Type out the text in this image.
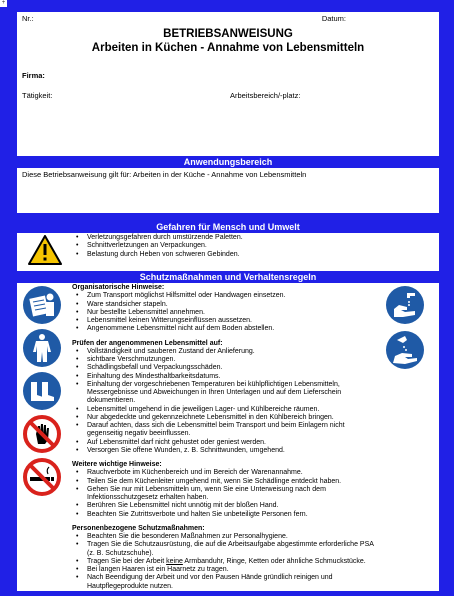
+
Nr.:	Datum:
BETRIEBSANWEISUNG
Arbeiten in Küchen - Annahme von Lebensmitteln
Firma:
Tätigkeit:	Arbeitsbereich/-platz:
Anwendungsbereich
Diese Betriebsanweisung gilt für: Arbeiten in der Küche - Annahme von Lebensmitteln
Gefahren für Mensch und Umwelt
• Verletzungsgefahren durch umstürzende Paletten.
• Schnittverletzungen an Verpackungen.
• Belastung durch Heben von schweren Gebinden.
Schutzmaßnahmen und Verhaltensregeln
Organisatorische Hinweise:
• Zum Transport möglichst Hilfsmittel oder Handwagen einsetzen.
• Ware standsicher stapeln.
• Nur bestellte Lebensmittel annehmen.
• Lebensmittel keinen Witterungseinflüssen aussetzen.
• Angenommene Lebensmittel nicht auf dem Boden abstellen.
Prüfen der angenommenen Lebensmittel auf:
• Vollständigkeit und sauberen Zustand der Anlieferung.
• sichtbare Verschmutzungen.
• Schädlingsbefall und Verpackungsschäden.
• Einhaltung des Mindesthaltbarkeitsdatums.
• Einhaltung der vorgeschriebenen Temperaturen bei kühlpflichtigen Lebensmitteln, Messergebnisse und Abweichungen in Ihren Unterlagen und auf dem Lieferschein dokumentieren.
• Lebensmittel umgehend in die jeweiligen Lager- und Kühlbereiche räumen.
• Nur abgedeckte und gekennzeichnete Lebensmittel in den Kühlbereich bringen.
• Darauf achten, dass sich die Lebensmittel beim Transport und beim Einlagern nicht gegenseitig negativ beeinflussen.
• Auf Lebensmittel darf nicht gehustet oder geniest werden.
• Versorgen Sie offene Wunden, z. B. Schnittwunden, umgehend.
Weitere wichtige Hinweise:
• Rauchverbote im Küchenbereich und im Bereich der Warenannahme.
• Teilen Sie dem Küchenleiter umgehend mit, wenn Sie Schädlinge entdeckt haben.
• Gehen Sie nur mit Lebensmitteln um, wenn Sie eine Unterweisung nach dem Infektionsschutzgesetz erhalten haben.
• Berühren Sie Lebensmittel nicht unnötig mit der bloßen Hand.
• Beachten Sie Zutrittsverbote und halten Sie unbeteiligte Personen fern.
Personenbezogene Schutzmaßnahmen:
• Beachten Sie die besonderen Maßnahmen zur Personalhygiene.
• Tragen Sie die Schutzausrüstung, die auf die Arbeitsaufgabe abgestimmte erforderliche PSA (z. B. Schutzschuhe).
• Tragen Sie bei der Arbeit keine Armbanduhr, Ringe, Ketten oder ähnliche Schmuckstücke.
• Bei langen Haaren ist ein Haarnetz zu tragen.
• Nach Beendigung der Arbeit und vor den Pausen Hände gründlich reinigen und Hautpflegeprodukte nutzen.
